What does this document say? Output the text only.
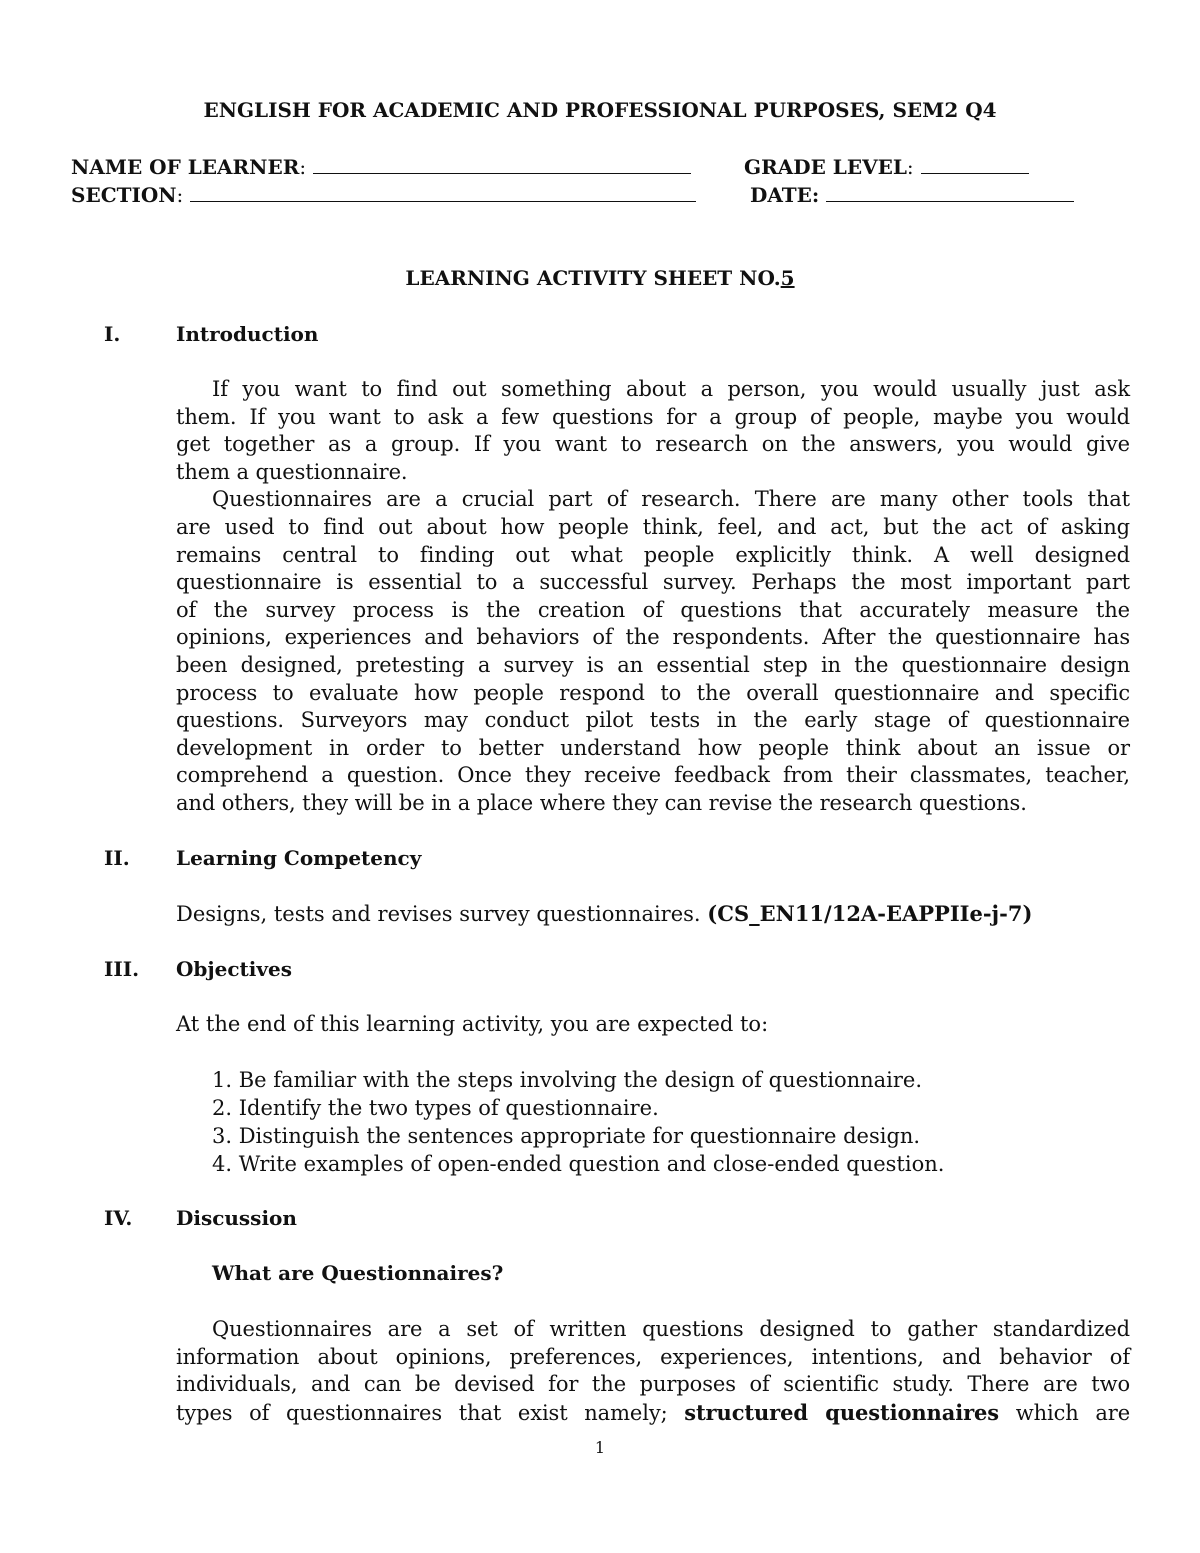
ENGLISH FOR ACADEMIC AND PROFESSIONAL PURPOSES, SEM2 Q4
NAME OF LEARNER:	GRADE LEVEL:
SECTION:	DATE:
LEARNING ACTIVITY SHEET NO.5
I.	Introduction
If you want to find out something about a person, you would usually just ask
them. If you want to ask a few questions for a group of people, maybe you would
get together as a group. If you want to research on the answers, you would give
them a questionnaire.
Questionnaires are a crucial part of research. There are many other tools that
are used to find out about how people think, feel, and act, but the act of asking
remains central to finding out what people explicitly think. A well designed
questionnaire is essential to a successful survey. Perhaps the most important part
of the survey process is the creation of questions that accurately measure the
opinions, experiences and behaviors of the respondents. After the questionnaire has
been designed, pretesting a survey is an essential step in the questionnaire design
process to evaluate how people respond to the overall questionnaire and specific
questions. Surveyors may conduct pilot tests in the early stage of questionnaire
development in order to better understand how people think about an issue or
comprehend a question. Once they receive feedback from their classmates, teacher,
and others, they will be in a place where they can revise the research questions.
II. Learning Competency
Designs, tests and revises survey questionnaires. (CS_EN11/12A-EAPPIIe-j-7)
III. Objectives
At the end of this learning activity, you are expected to:
1. Be familiar with the steps involving the design of questionnaire.
2. Identify the two types of questionnaire.
3. Distinguish the sentences appropriate for questionnaire design.
4. Write examples of open-ended question and close-ended question.
IV. Discussion
What are Questionnaires?
Questionnaires are a set of written questions designed to gather standardized
information about opinions, preferences, experiences, intentions, and behavior of
individuals, and can be devised for the purposes of scientific study. There are two
types of questionnaires that exist namely; structured questionnaires which are
1
